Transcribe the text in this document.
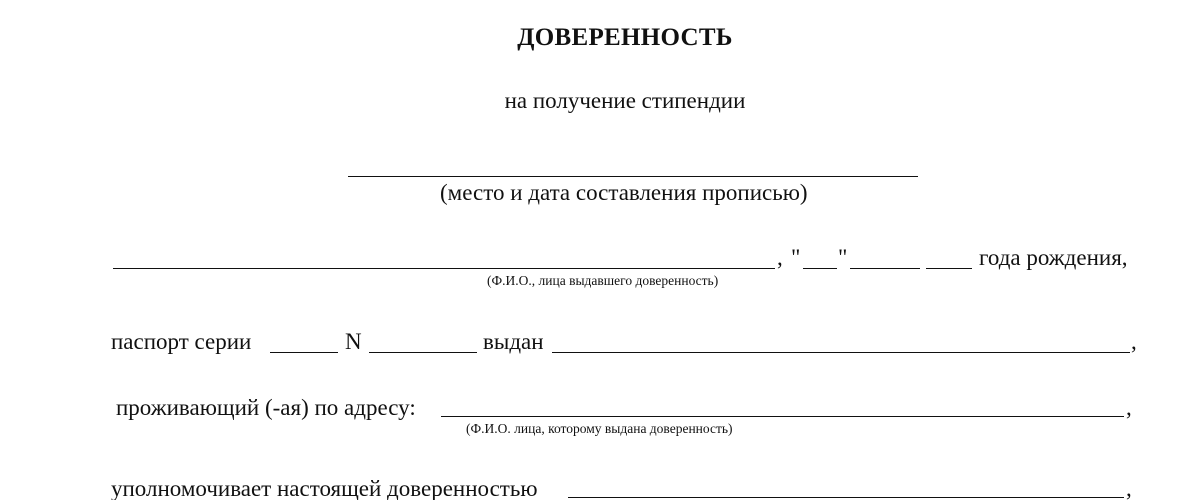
ДОВЕРЕННОСТЬ
на получение стипендии
(место и дата составления прописью)
, " "	года рождения,
(Ф.И.О., лица выдавшего доверенность)
паспорт серии	N	выдан	,
проживающий (-ая) по адресу:	,
(Ф.И.О. лица, которому выдана доверенность)
уполномочивает настоящей доверенностью	,
